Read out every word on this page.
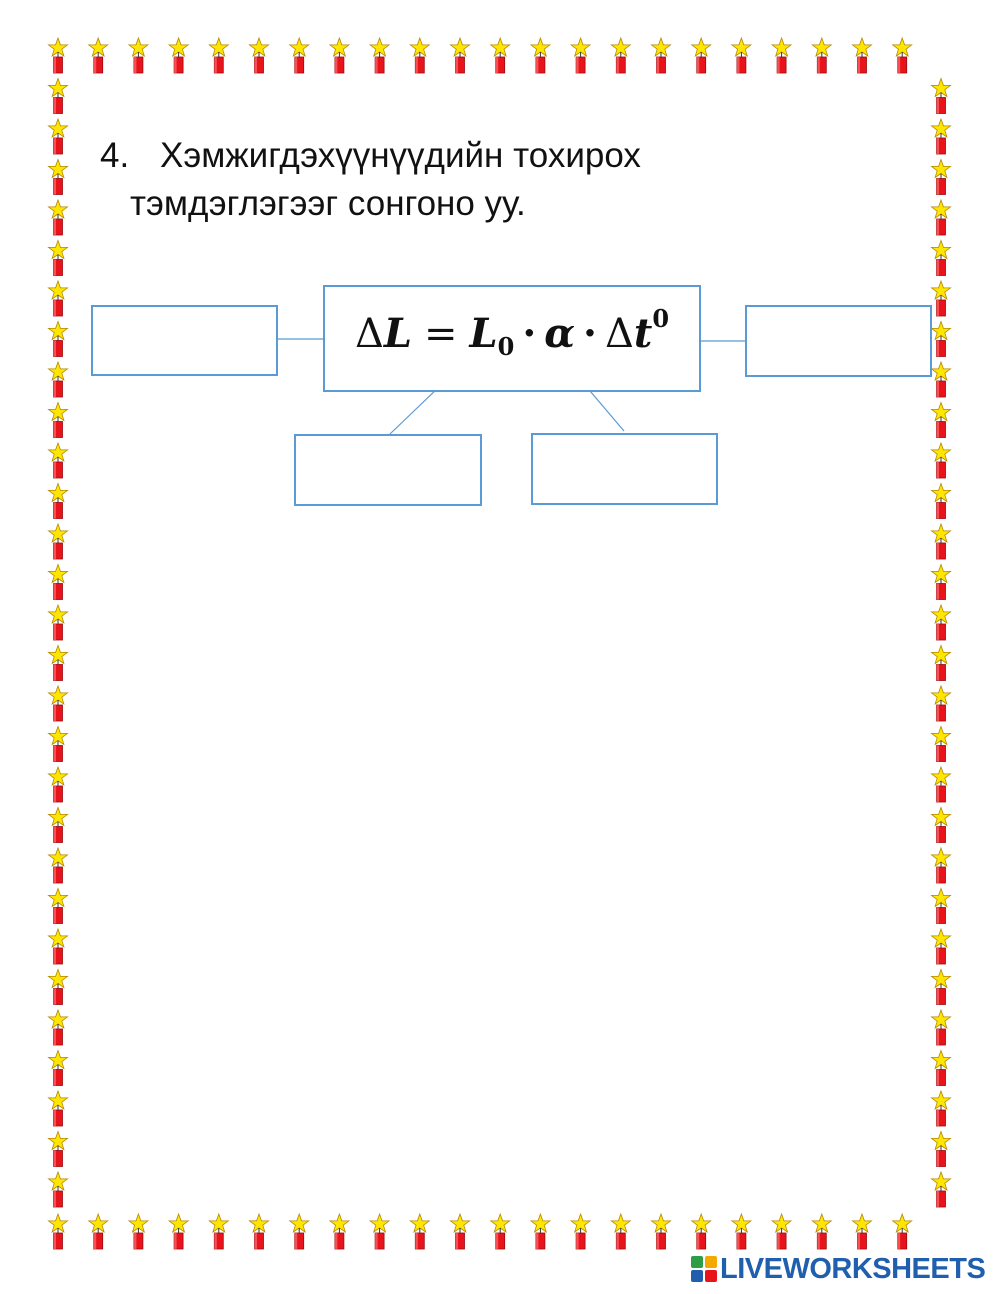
4. Хэмжигдэхүүнүүдийн тохирох
тэмдэглэгээг сонгоно уу.
$\Delta L = L_0 \cdot \alpha \cdot \Delta t^0$
LIVEWORKSHEETS
